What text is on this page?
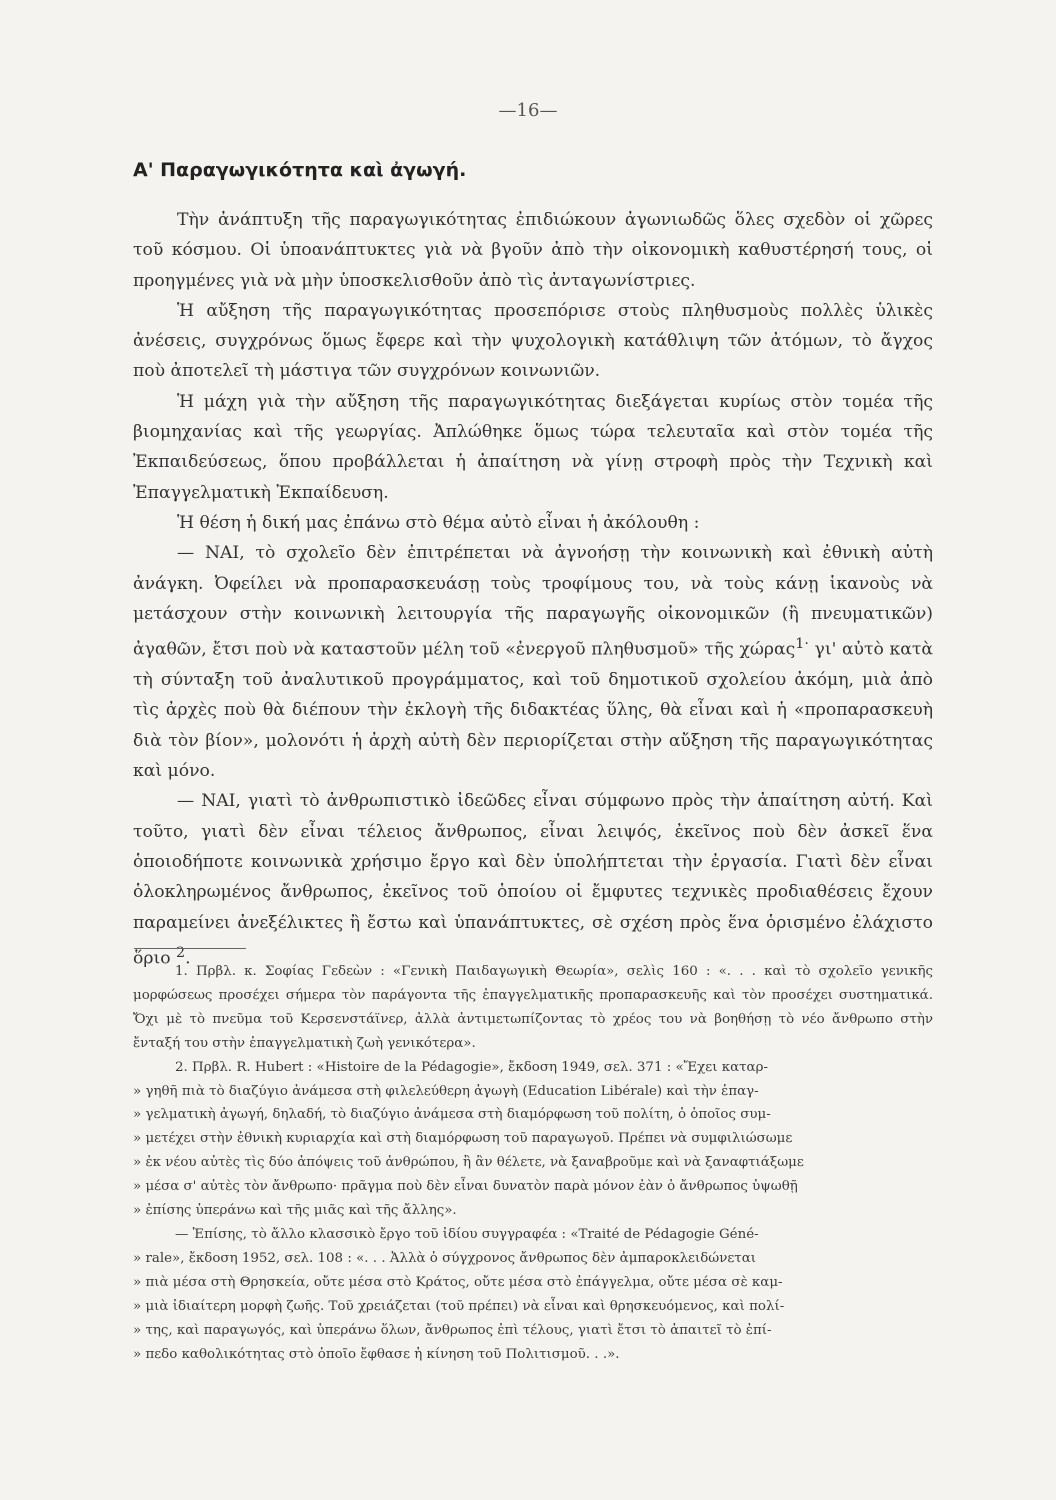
—16—
Α' Παραγωγικότητα καὶ ἀγωγή.

Τὴν ἀνάπτυξη τῆς παραγωγικότητας ἐπιδιώκουν ἀγωνιωδῶς ὅλες σχεδὸν οἱ χῶρες τοῦ κόσμου. Οἱ ὑποανάπτυκτες γιὰ νὰ βγοῦν ἀπὸ τὴν οἰκονομικὴ καθυστέρησή τους, οἱ προηγμένες γιὰ νὰ μὴν ὑποσκελισθοῦν ἀπὸ τὶς ἀνταγωνίστριες.

Ἡ αὔξηση τῆς παραγωγικότητας προσεπόρισε στοὺς πληθυσμοὺς πολλὲς ὑλικὲς ἀνέσεις, συγχρόνως ὅμως ἔφερε καὶ τὴν ψυχολογικὴ κατάθλιψη τῶν ἀτόμων, τὸ ἄγχος ποὺ ἀποτελεῖ τὴ μάστιγα τῶν συγχρόνων κοινωνιῶν.

Ἡ μάχη γιὰ τὴν αὔξηση τῆς παραγωγικότητας διεξάγεται κυρίως στὸν τομέα τῆς βιομηχανίας καὶ τῆς γεωργίας. Ἀπλώθηκε ὅμως τώρα τελευταῖα καὶ στὸν τομέα τῆς Ἐκπαιδεύσεως, ὅπου προβάλλεται ἡ ἀπαίτηση νὰ γίνῃ στροφὴ πρὸς τὴν Τεχνικὴ καὶ Ἐπαγγελματικὴ Ἐκπαίδευση.

Ἡ θέση ἡ δική μας ἐπάνω στὸ θέμα αὐτὸ εἶναι ἡ ἀκόλουθη :

— ΝΑΙ, τὸ σχολεῖο δὲν ἐπιτρέπεται νὰ ἀγνοήσῃ τὴν κοινωνικὴ καὶ ἐθνικὴ αὐτὴ ἀνάγκη. Ὀφείλει νὰ προπαρασκευάσῃ τοὺς τροφίμους του, νὰ τοὺς κάνῃ ἱκανοὺς νὰ μετάσχουν στὴν κοινωνικὴ λειτουργία τῆς παραγωγῆς οἰκονομικῶν (ἢ πνευματικῶν) ἀγαθῶν, ἔτσι ποὺ νὰ καταστοῦν μέλη τοῦ «ἐνεργοῦ πληθυσμοῦ» τῆς χώρας$^{1\cdot}$ γι' αὐτὸ κατὰ τὴ σύνταξη τοῦ ἀναλυτικοῦ προγράμματος, καὶ τοῦ δημοτικοῦ σχολείου ἀκόμη, μιὰ ἀπὸ τὶς ἀρχὲς ποὺ θὰ διέπουν τὴν ἐκλογὴ τῆς διδακτέας ὕλης, θὰ εἶναι καὶ ἡ «προπαρασκευὴ διὰ τὸν βίον», μολονότι ἡ ἀρχὴ αὐτὴ δὲν περιορίζεται στὴν αὔξηση τῆς παραγωγικότητας καὶ μόνο.

— ΝΑΙ, γιατὶ τὸ ἀνθρωπιστικὸ ἰδεῶδες εἶναι σύμφωνο πρὸς τὴν ἀπαίτηση αὐτή. Καὶ τοῦτο, γιατὶ δὲν εἶναι τέλειος ἄνθρωπος, εἶναι λειψός, ἐκεῖνος ποὺ δὲν ἀσκεῖ ἕνα ὁποιοδήποτε κοινωνικὰ χρήσιμο ἔργο καὶ δὲν ὑπολήπτεται τὴν ἐργασία. Γιατὶ δὲν εἶναι ὁλοκληρωμένος ἄνθρωπος, ἐκεῖνος τοῦ ὁποίου οἱ ἔμφυτες τεχνικὲς προδιαθέσεις ἔχουν παραμείνει ἀνεξέλικτες ἢ ἔστω καὶ ὑπανάπτυκτες, σὲ σχέση πρὸς ἕνα ὁρισμένο ἐλάχιστο ὅριο $^2$.

1. Πρβλ. κ. Σοφίας Γεδεὼν : «Γενικὴ Παιδαγωγικὴ Θεωρία», σελὶς 160 : «. . . καὶ τὸ σχολεῖο γενικῆς μορφώσεως προσέχει σήμερα τὸν παράγοντα τῆς ἐπαγγελματικῆς προπαρασκευῆς καὶ τὸν προσέχει συστηματικά. Ὄχι μὲ τὸ πνεῦμα τοῦ Κερσενστάϊνερ, ἀλλὰ ἀντιμετωπίζοντας τὸ χρέος του νὰ βοηθήσῃ τὸ νέο ἄνθρωπο στὴν ἔνταξή του στὴν ἐπαγγελματικὴ ζωὴ γενικότερα».

2. Πρβλ. R. Hubert : «Histoire de la Pédagogie», ἔκδοση 1949, σελ. 371 : «Ἔχει καταρ-

» γηθῆ πιὰ τὸ διαζύγιο ἀνάμεσα στὴ φιλελεύθερη ἀγωγὴ (Education Libérale) καὶ τὴν ἐπαγ-

» γελματικὴ ἀγωγή, δηλαδή, τὸ διαζύγιο ἀνάμεσα στὴ διαμόρφωση τοῦ πολίτη, ὁ ὁποῖος συμ-

» μετέχει στὴν ἐθνικὴ κυριαρχία καὶ στὴ διαμόρφωση τοῦ παραγωγοῦ. Πρέπει νὰ συμφιλιώσωμε

» ἐκ νέου αὐτὲς τὶς δύο ἀπόψεις τοῦ ἀνθρώπου, ἢ ἂν θέλετε, νὰ ξαναβροῦμε καὶ νὰ ξαναφτιάξωμε

» μέσα σ' αὐτὲς τὸν ἄνθρωπο· πρᾶγμα ποὺ δὲν εἶναι δυνατὸν παρὰ μόνον ἐὰν ὁ ἄνθρωπος ὑψωθῇ

» ἐπίσης ὑπεράνω καὶ τῆς μιᾶς καὶ τῆς ἄλλης».

— Ἐπίσης, τὸ ἄλλο κλασσικὸ ἔργο τοῦ ἰδίου συγγραφέα : «Traité de Pédagogie Géné-

» rale», ἔκδοση 1952, σελ. 108 : «. . . Ἀλλὰ ὁ σύγχρονος ἄνθρωπος δὲν ἀμπαροκλειδώνεται

» πιὰ μέσα στὴ Θρησκεία, οὔτε μέσα στὸ Κράτος, οὔτε μέσα στὸ ἐπάγγελμα, οὔτε μέσα σὲ καμ-

» μιὰ ἰδιαίτερη μορφὴ ζωῆς. Τοῦ χρειάζεται (τοῦ πρέπει) νὰ εἶναι καὶ θρησκευόμενος, καὶ πολί-

» της, καὶ παραγωγός, καὶ ὑπεράνω ὅλων, ἄνθρωπος ἐπὶ τέλους, γιατὶ ἔτσι τὸ ἀπαιτεῖ τὸ ἐπί-

» πεδο καθολικότητας στὸ ὁποῖο ἔφθασε ἡ κίνηση τοῦ Πολιτισμοῦ. . .».
